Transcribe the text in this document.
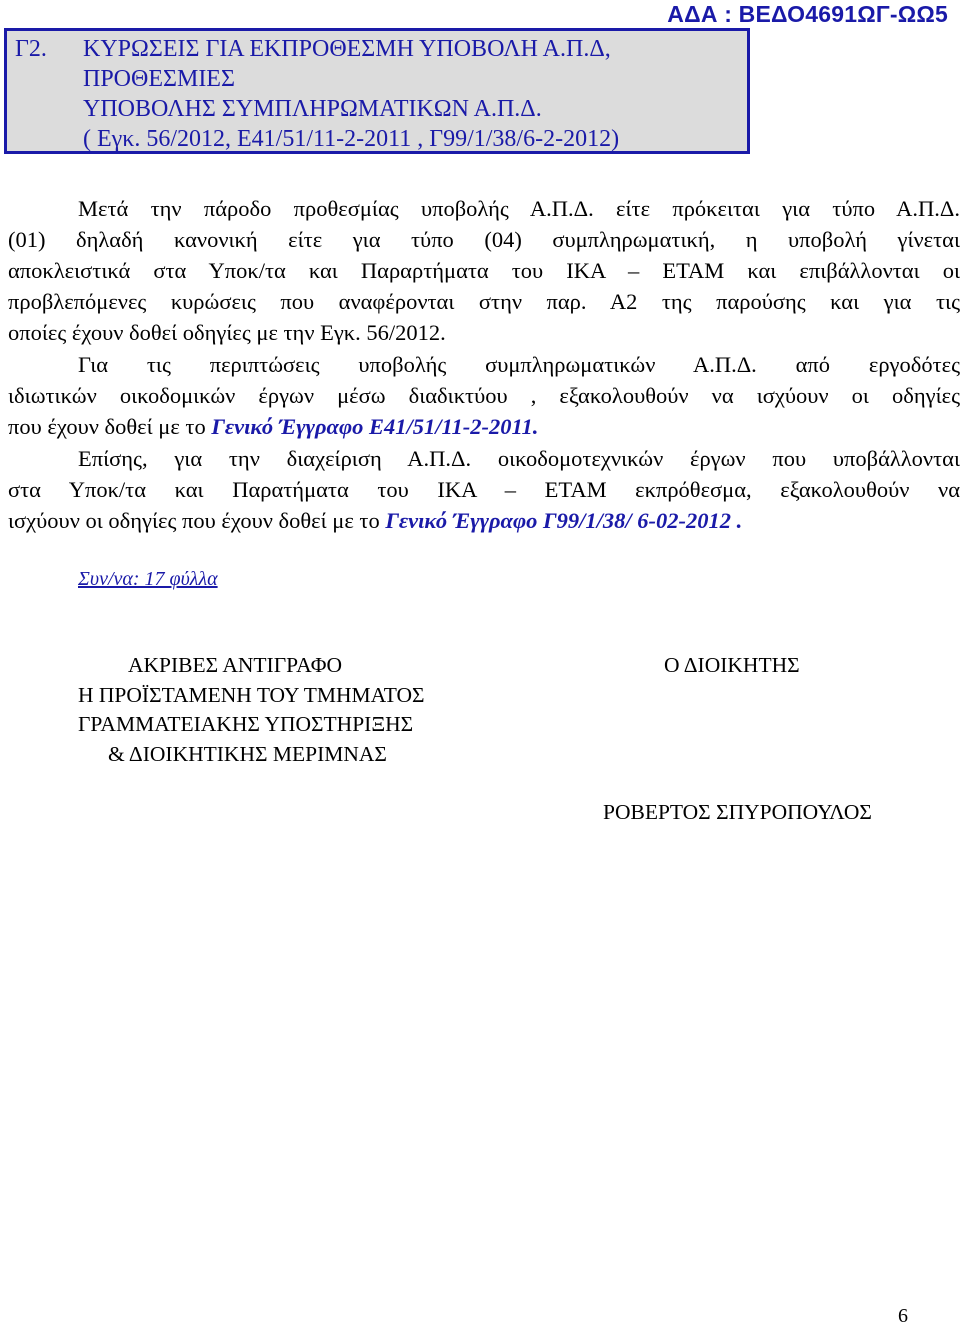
ΑΔΑ : ΒΕΔΟ4691ΩΓ-ΩΩ5
Γ2. ΚΥΡΩΣΕΙΣ ΓΙΑ ΕΚΠΡΟΘΕΣΜΗ ΥΠΟΒΟΛΗ Α.Π.Δ,
ΠΡΟΘΕΣΜΙΕΣ
ΥΠΟΒΟΛΗΣ ΣΥΜΠΛΗΡΩΜΑΤΙΚΩΝ Α.Π.Δ.
( Εγκ. 56/2012, Ε41/51/11-2-2011 , Γ99/1/38/6-2-2012)
Μετά την πάροδο προθεσμίας υποβολής Α.Π.Δ. είτε πρόκειται για τύπο Α.Π.Δ.
(01) δηλαδή κανονική είτε για τύπο (04) συμπληρωματική, η υποβολή γίνεται
αποκλειστικά στα Υποκ/τα και Παραρτήματα του ΙΚΑ – ΕΤΑΜ και επιβάλλονται οι
προβλεπόμενες κυρώσεις που αναφέρονται στην παρ. Α2 της παρούσης και για τις
οποίες έχουν δοθεί οδηγίες με την Εγκ. 56/2012.
Για τις περιπτώσεις υποβολής συμπληρωματικών Α.Π.Δ. από εργοδότες
ιδιωτικών οικοδομικών έργων μέσω διαδικτύου , εξακολουθούν να ισχύουν οι οδηγίες
που έχουν δοθεί με το Γενικό Έγγραφο Ε41/51/11-2-2011.
Επίσης, για την διαχείριση Α.Π.Δ. οικοδομοτεχνικών έργων που υποβάλλονται
στα Υποκ/τα και Παρατήματα του ΙΚΑ – ΕΤΑΜ εκπρόθεσμα, εξακολουθούν να
ισχύουν οι οδηγίες που έχουν δοθεί με το Γενικό Έγγραφο Γ99/1/38/ 6-02-2012 .
Συν/να: 17 φύλλα
ΑΚΡΙΒΕΣ ΑΝΤΙΓΡΑΦΟ
Η ΠΡΟΪΣΤΑΜΕΝΗ ΤΟΥ ΤΜΗΜΑΤΟΣ
ΓΡΑΜΜΑΤΕΙΑΚΗΣ ΥΠΟΣΤΗΡΙΞΗΣ
& ΔΙΟΙΚΗΤΙΚΗΣ ΜΕΡΙΜΝΑΣ
Ο ΔΙΟΙΚΗΤΗΣ
ΡΟΒΕΡΤΟΣ ΣΠΥΡΟΠΟΥΛΟΣ
6
